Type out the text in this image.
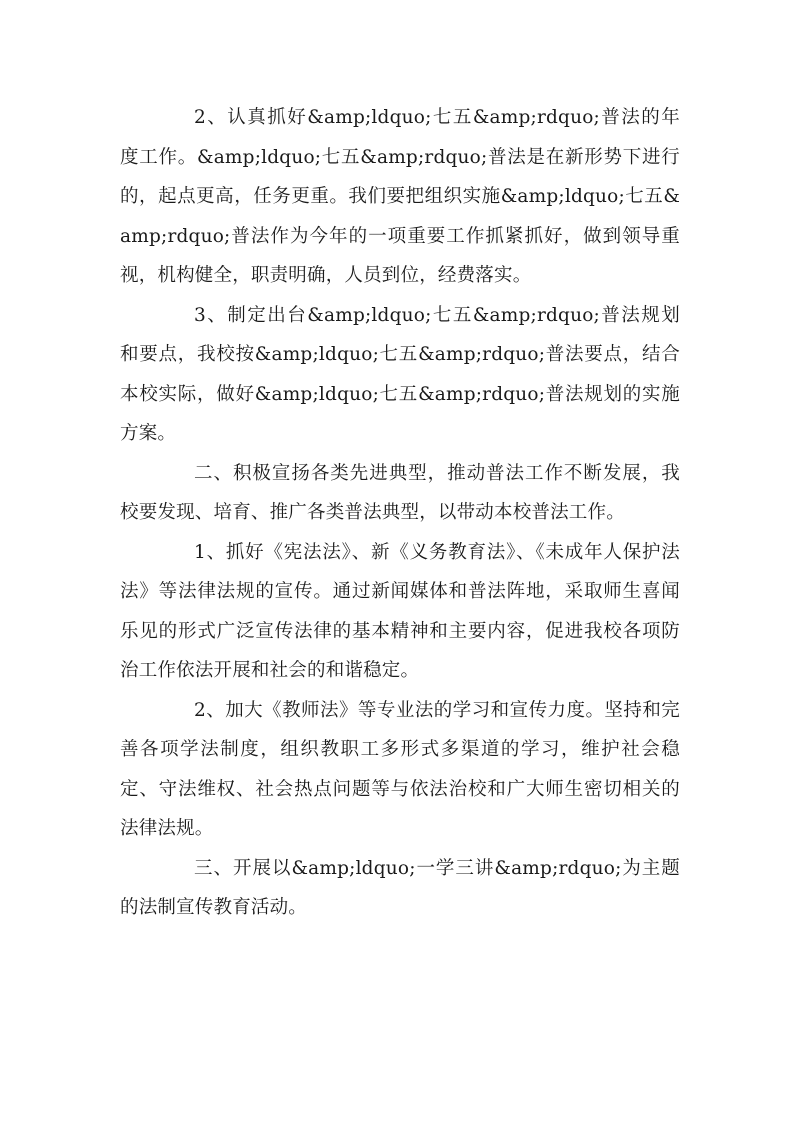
2、认真抓好&amp;ldquo;七五&amp;rdquo;普法的年度工作。&amp;ldquo;七五&amp;rdquo;普法是在新形势下进行的，起点更高，任务更重。我们要把组织实施&amp;ldquo;七五&amp;rdquo;普法作为今年的一项重要工作抓紧抓好，做到领导重视，机构健全，职责明确，人员到位，经费落实。

3、制定出台&amp;ldquo;七五&amp;rdquo;普法规划和要点，我校按&amp;ldquo;七五&amp;rdquo;普法要点，结合本校实际，做好&amp;ldquo;七五&amp;rdquo;普法规划的实施方案。

二、积极宣扬各类先进典型，推动普法工作不断发展，我校要发现、培育、推广各类普法典型，以带动本校普法工作。

1、抓好《宪法法》、新《义务教育法》、《未成年人保护法法》等法律法规的宣传。通过新闻媒体和普法阵地，采取师生喜闻乐见的形式广泛宣传法律的基本精神和主要内容，促进我校各项防治工作依法开展和社会的和谐稳定。

2、加大《教师法》等专业法的学习和宣传力度。坚持和完善各项学法制度，组织教职工多形式多渠道的学习，维护社会稳定、守法维权、社会热点问题等与依法治校和广大师生密切相关的法律法规。

三、开展以&amp;ldquo;一学三讲&amp;rdquo;为主题的法制宣传教育活动。
